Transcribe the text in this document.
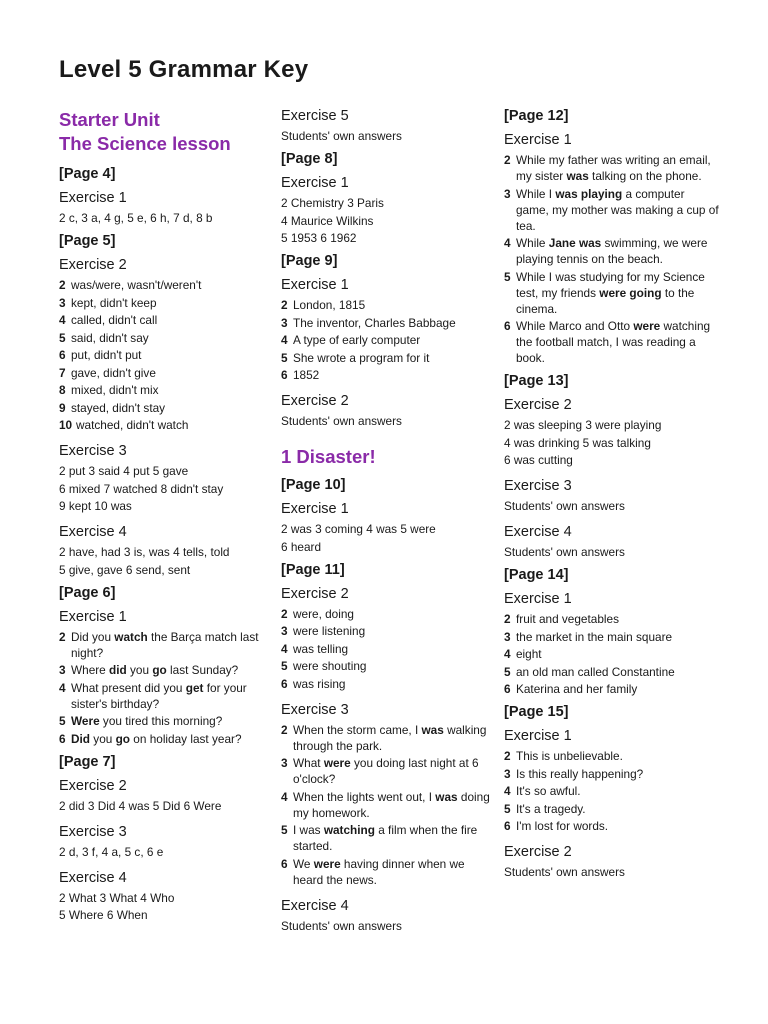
Level 5 Grammar Key
Starter Unit
The Science lesson
[Page 4]
Exercise 1
2 c, 3 a, 4 g, 5 e, 6 h, 7 d, 8 b
[Page 5]
Exercise 2
2 was/were, wasn't/weren't
3 kept, didn't keep
4 called, didn't call
5 said, didn't say
6 put, didn't put
7 gave, didn't give
8 mixed, didn't mix
9 stayed, didn't stay
10 watched, didn't watch
Exercise 3
2 put 3 said 4 put 5 gave
6 mixed 7 watched 8 didn't stay
9 kept 10 was
Exercise 4
2 have, had 3 is, was 4 tells, told
5 give, gave 6 send, sent
[Page 6]
Exercise 1
2 Did you watch the Barça match last night?
3 Where did you go last Sunday?
4 What present did you get for your sister's birthday?
5 Were you tired this morning?
6 Did you go on holiday last year?
[Page 7]
Exercise 2
2 did 3 Did 4 was 5 Did 6 Were
Exercise 3
2 d, 3 f, 4 a, 5 c, 6 e
Exercise 4
2 What 3 What 4 Who
5 Where 6 When
Exercise 5
Students' own answers
[Page 8]
Exercise 1
2 Chemistry 3 Paris
4 Maurice Wilkins
5 1953 6 1962
[Page 9]
Exercise 1
2 London, 1815
3 The inventor, Charles Babbage
4 A type of early computer
5 She wrote a program for it
6 1852
Exercise 2
Students' own answers
1 Disaster!
[Page 10]
Exercise 1
2 was 3 coming 4 was 5 were
6 heard
[Page 11]
Exercise 2
2 were, doing
3 were listening
4 was telling
5 were shouting
6 was rising
Exercise 3
2 When the storm came, I was walking through the park.
3 What were you doing last night at 6 o'clock?
4 When the lights went out, I was doing my homework.
5 I was watching a film when the fire started.
6 We were having dinner when we heard the news.
Exercise 4
Students' own answers
[Page 12]
Exercise 1
2 While my father was writing an email, my sister was talking on the phone.
3 While I was playing a computer game, my mother was making a cup of tea.
4 While Jane was swimming, we were playing tennis on the beach.
5 While I was studying for my Science test, my friends were going to the cinema.
6 While Marco and Otto were watching the football match, I was reading a book.
[Page 13]
Exercise 2
2 was sleeping 3 were playing
4 was drinking 5 was talking
6 was cutting
Exercise 3
Students' own answers
Exercise 4
Students' own answers
[Page 14]
Exercise 1
2 fruit and vegetables
3 the market in the main square
4 eight
5 an old man called Constantine
6 Katerina and her family
[Page 15]
Exercise 1
2 This is unbelievable.
3 Is this really happening?
4 It's so awful.
5 It's a tragedy.
6 I'm lost for words.
Exercise 2
Students' own answers
